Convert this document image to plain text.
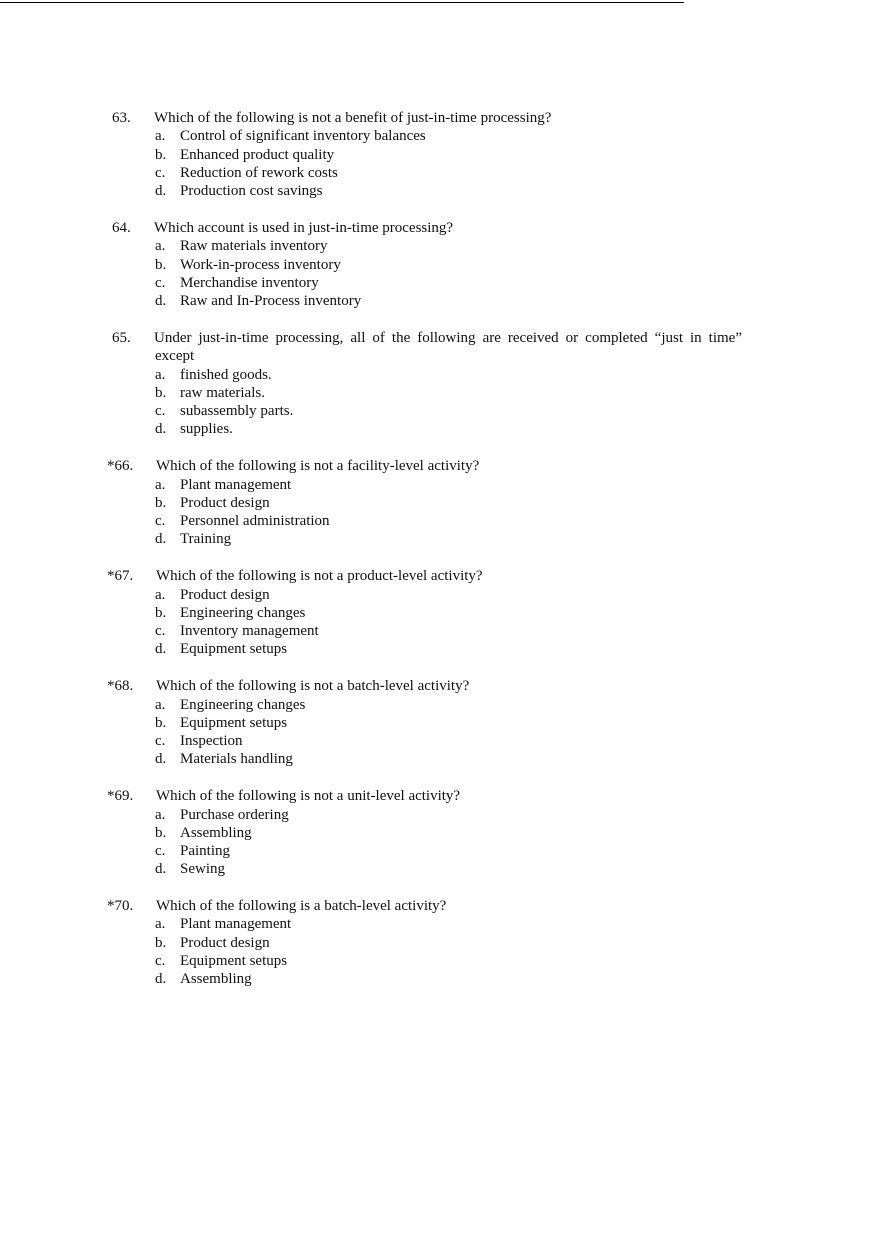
63. Which of the following is not a benefit of just-in-time processing?
a. Control of significant inventory balances
b. Enhanced product quality
c. Reduction of rework costs
d. Production cost savings
64. Which account is used in just-in-time processing?
a. Raw materials inventory
b. Work-in-process inventory
c. Merchandise inventory
d. Raw and In-Process inventory
65. Under just-in-time processing, all of the following are received or completed “just in time”
except
a. finished goods.
b. raw materials.
c. subassembly parts.
d. supplies.
*66. Which of the following is not a facility-level activity?
a. Plant management
b. Product design
c. Personnel administration
d. Training
*67. Which of the following is not a product-level activity?
a. Product design
b. Engineering changes
c. Inventory management
d. Equipment setups
*68. Which of the following is not a batch-level activity?
a. Engineering changes
b. Equipment setups
c. Inspection
d. Materials handling
*69. Which of the following is not a unit-level activity?
a. Purchase ordering
b. Assembling
c. Painting
d. Sewing
*70. Which of the following is a batch-level activity?
a. Plant management
b. Product design
c. Equipment setups
d. Assembling
